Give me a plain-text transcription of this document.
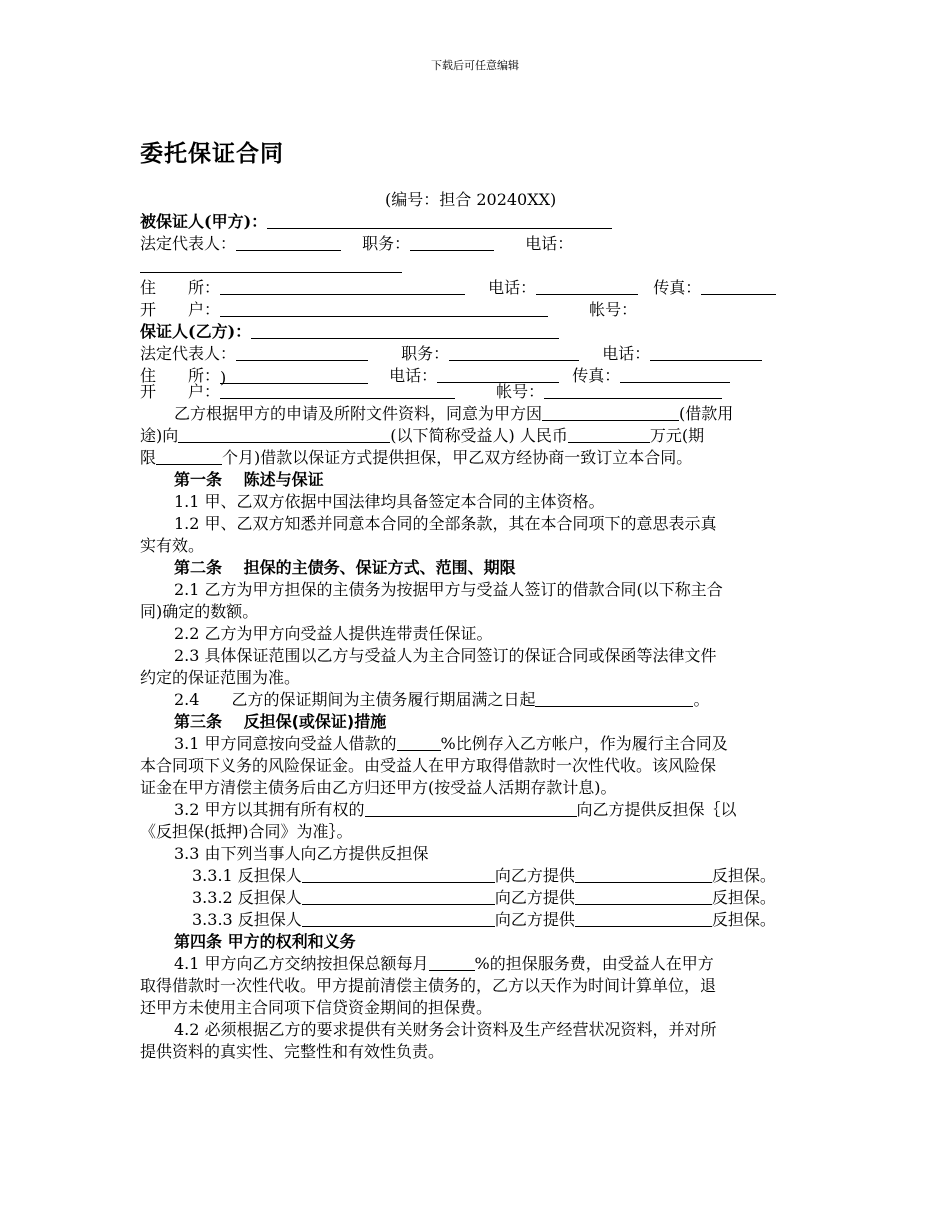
下载后可任意编辑
委托保证合同
(编号：担合 20240XX)
被保证人(甲方)：
法定代表人：	职务：	电话：
住　　所：	电话：	传真：
开　　户：	帐号：
保证人(乙方)：
法定代表人：	职务：	电话：
住　　所：)	电话：	传真：
开　　户：	帐号：
乙方根据甲方的申请及所附文件资料，同意为甲方因	(借款用
途)向	(以下简称受益人) 人民币	万元(期
限	个月)借款以保证方式提供担保，甲乙双方经协商一致订立本合同。
第一条　 陈述与保证
1.1 甲、乙双方依据中国法律均具备签定本合同的主体资格。
1.2 甲、乙双方知悉并同意本合同的全部条款，其在本合同项下的意思表示真
实有效。
第二条　 担保的主债务、保证方式、范围、期限
2.1 乙方为甲方担保的主债务为按据甲方与受益人签订的借款合同(以下称主合
同)确定的数额。
2.2 乙方为甲方向受益人提供连带责任保证。
2.3 具体保证范围以乙方与受益人为主合同签订的保证合同或保函等法律文件
约定的保证范围为准。
2.4　　乙方的保证期间为主债务履行期届满之日起	。
第三条　 反担保(或保证)措施
3.1 甲方同意按向受益人借款的	%比例存入乙方帐户，作为履行主合同及
本合同项下义务的风险保证金。由受益人在甲方取得借款时一次性代收。该风险保
证金在甲方清偿主债务后由乙方归还甲方(按受益人活期存款计息)。
3.2 甲方以其拥有所有权的	向乙方提供反担保｛以
《反担保(抵押)合同》为准｝。
3.3 由下列当事人向乙方提供反担保
3.3.1 反担保人	向乙方提供	反担保。
3.3.2 反担保人	向乙方提供	反担保。
3.3.3 反担保人	向乙方提供	反担保。
第四条 甲方的权利和义务
4.1 甲方向乙方交纳按担保总额每月	%的担保服务费，由受益人在甲方
取得借款时一次性代收。甲方提前清偿主债务的，乙方以天作为时间计算单位，退
还甲方未使用主合同项下信贷资金期间的担保费。
4.2 必须根据乙方的要求提供有关财务会计资料及生产经营状况资料，并对所
提供资料的真实性、完整性和有效性负责。
